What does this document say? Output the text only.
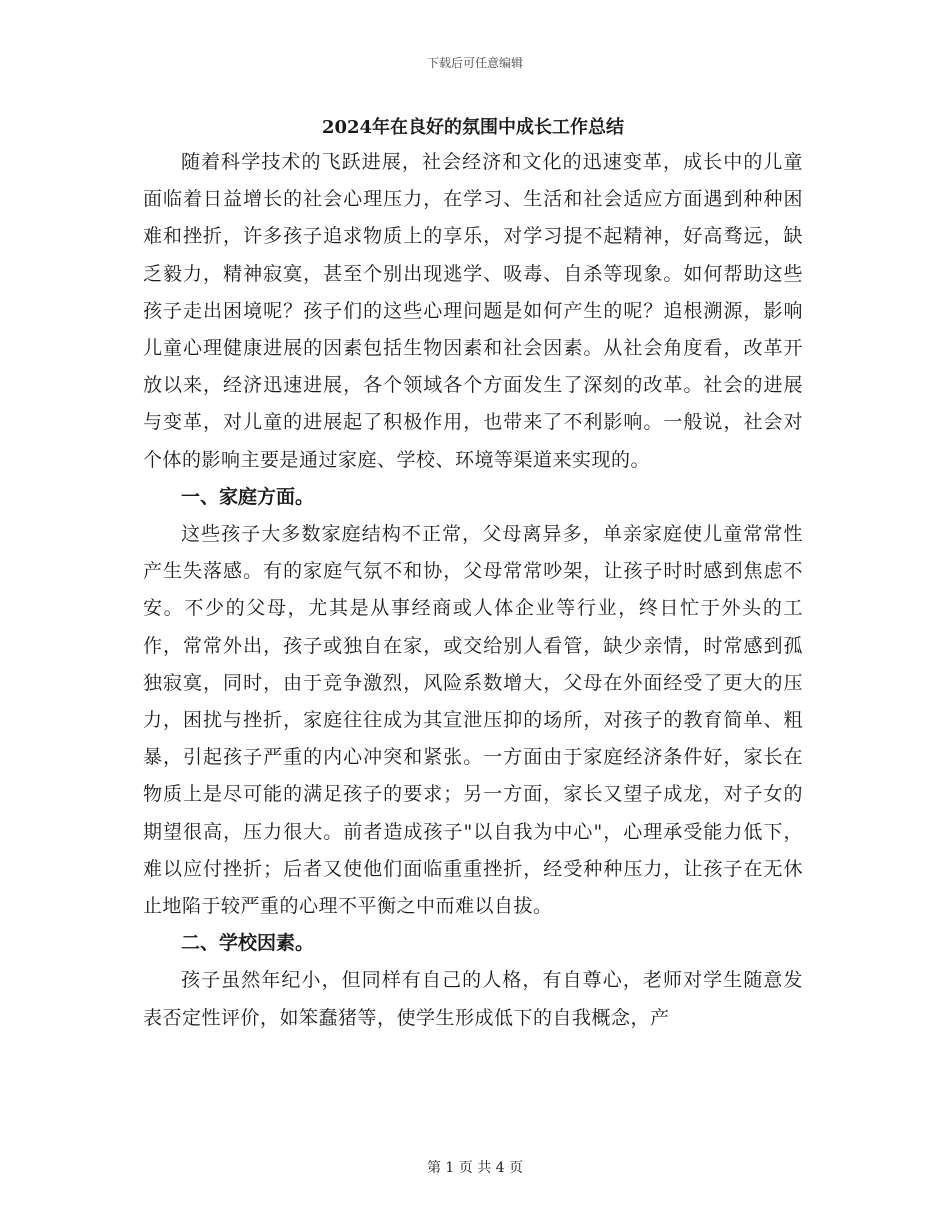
下载后可任意编辑
2024年在良好的氛围中成长工作总结

随着科学技术的飞跃进展，社会经济和文化的迅速变革，成长中的儿童面临着日益增长的社会心理压力，在学习、生活和社会适应方面遇到种种困难和挫折，许多孩子追求物质上的享乐，对学习提不起精神，好高骛远，缺乏毅力，精神寂寞，甚至个别出现逃学、吸毒、自杀等现象。如何帮助这些孩子走出困境呢？孩子们的这些心理问题是如何产生的呢？追根溯源，影响儿童心理健康进展的因素包括生物因素和社会因素。从社会角度看，改革开放以来，经济迅速进展，各个领域各个方面发生了深刻的改革。社会的进展与变革，对儿童的进展起了积极作用，也带来了不利影响。一般说，社会对个体的影响主要是通过家庭、学校、环境等渠道来实现的。

一、家庭方面。

这些孩子大多数家庭结构不正常，父母离异多，单亲家庭使儿童常常性产生失落感。有的家庭气氛不和协，父母常常吵架，让孩子时时感到焦虑不安。不少的父母，尤其是从事经商或人体企业等行业，终日忙于外头的工作，常常外出，孩子或独自在家，或交给别人看管，缺少亲情，时常感到孤独寂寞，同时，由于竞争激烈，风险系数增大，父母在外面经受了更大的压力，困扰与挫折，家庭往往成为其宣泄压抑的场所，对孩子的教育简单、粗暴，引起孩子严重的内心冲突和紧张。一方面由于家庭经济条件好，家长在物质上是尽可能的满足孩子的要求；另一方面，家长又望子成龙，对子女的期望很高，压力很大。前者造成孩子"以自我为中心"，心理承受能力低下，难以应付挫折；后者又使他们面临重重挫折，经受种种压力，让孩子在无休止地陷于较严重的心理不平衡之中而难以自拔。

二、学校因素。

孩子虽然年纪小，但同样有自己的人格，有自尊心，老师对学生随意发表否定性评价，如笨蠢猪等，使学生形成低下的自我概念，产

第 1 页 共 4 页
